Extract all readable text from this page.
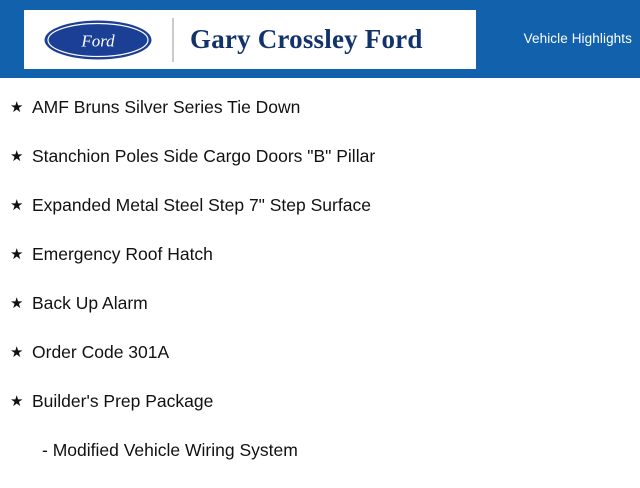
Ford	Gary Crossley Ford	Vehicle Highlights
★ AMF Bruns Silver Series Tie Down
★ Stanchion Poles Side Cargo Doors "B" Pillar
★ Expanded Metal Steel Step 7" Step Surface
★ Emergency Roof Hatch
★ Back Up Alarm
★ Order Code 301A
★ Builder's Prep Package
- Modified Vehicle Wiring System
